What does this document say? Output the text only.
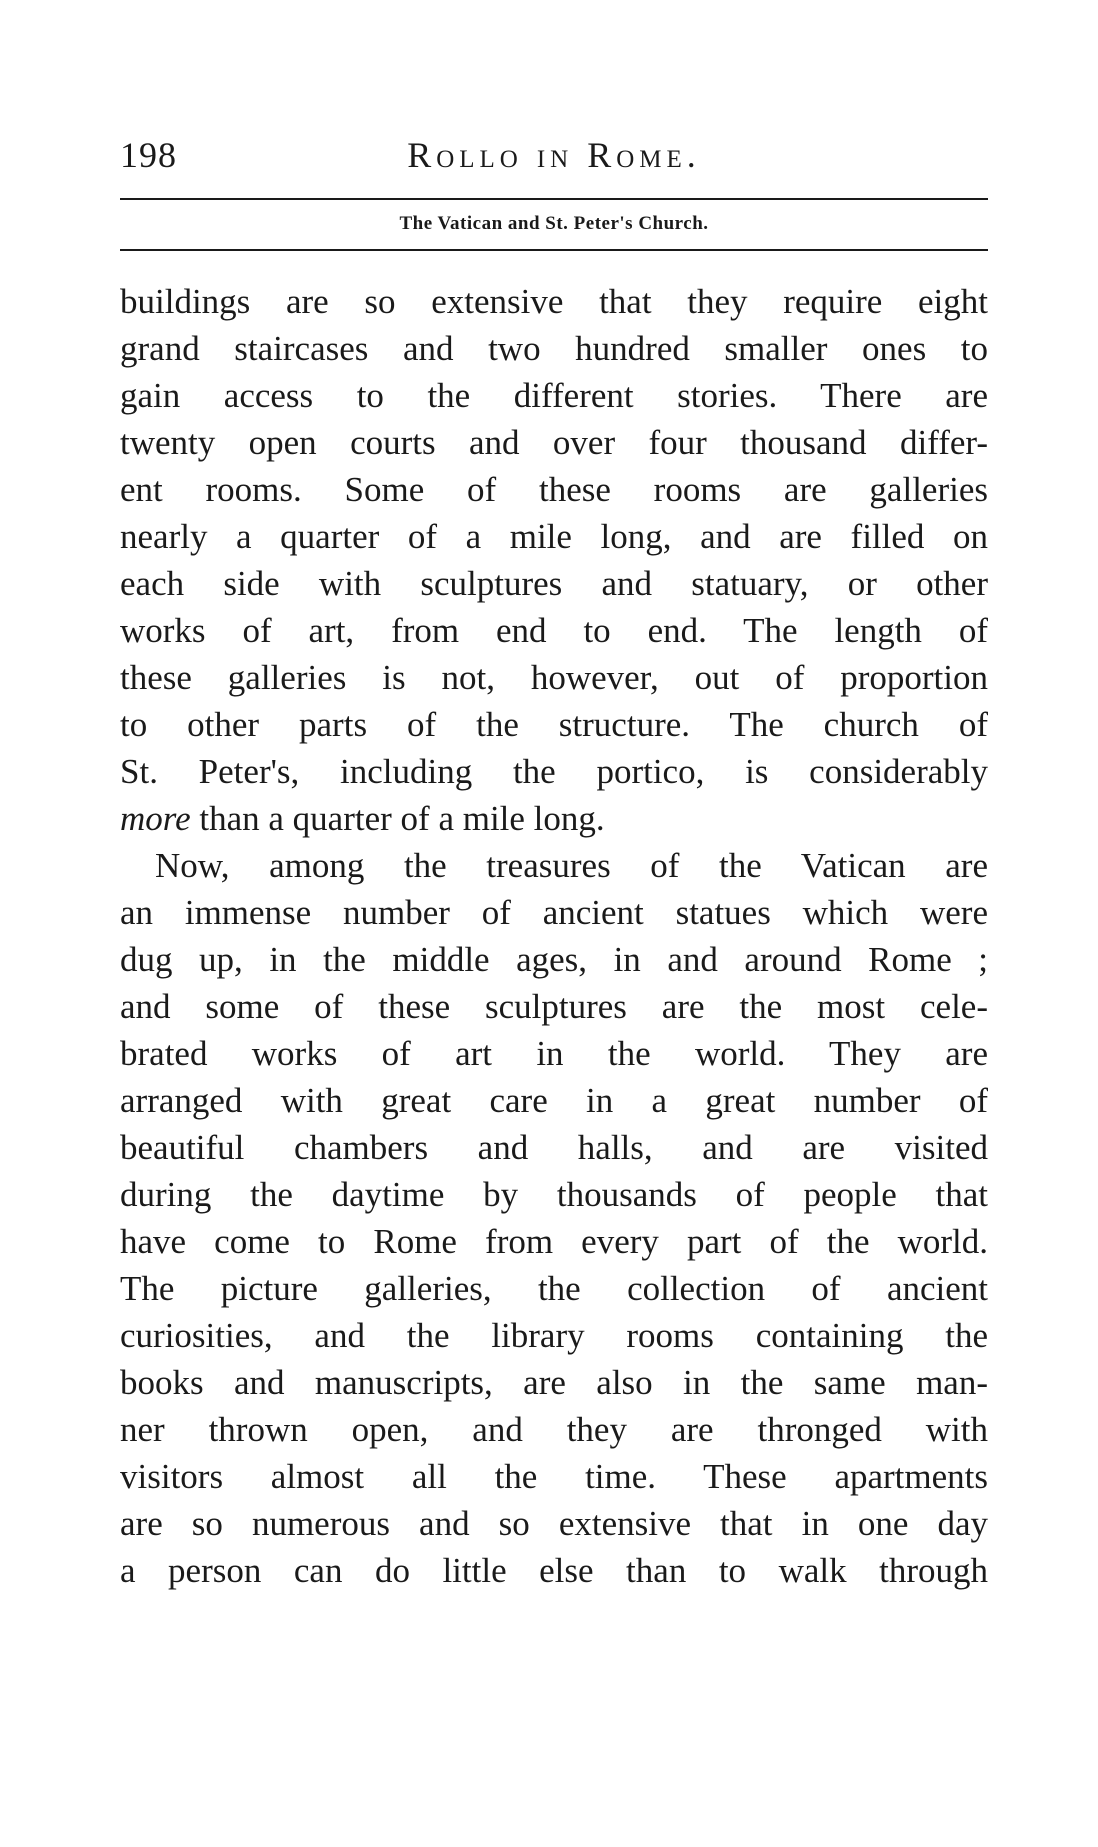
198	Rollo in Rome.
The Vatican and St. Peter's Church.
buildings are so extensive that they require eight
grand staircases and two hundred smaller ones to
gain access to the different stories. There are
twenty open courts and over four thousand differ-
ent rooms. Some of these rooms are galleries
nearly a quarter of a mile long, and are filled on
each side with sculptures and statuary, or other
works of art, from end to end. The length of
these galleries is not, however, out of proportion
to other parts of the structure. The church of
St. Peter's, including the portico, is considerably
more than a quarter of a mile long.
Now, among the treasures of the Vatican are
an immense number of ancient statues which were
dug up, in the middle ages, in and around Rome ;
and some of these sculptures are the most cele-
brated works of art in the world. They are
arranged with great care in a great number of
beautiful chambers and halls, and are visited
during the daytime by thousands of people that
have come to Rome from every part of the world.
The picture galleries, the collection of ancient
curiosities, and the library rooms containing the
books and manuscripts, are also in the same man-
ner thrown open, and they are thronged with
visitors almost all the time. These apartments
are so numerous and so extensive that in one day
a person can do little else than to walk through
